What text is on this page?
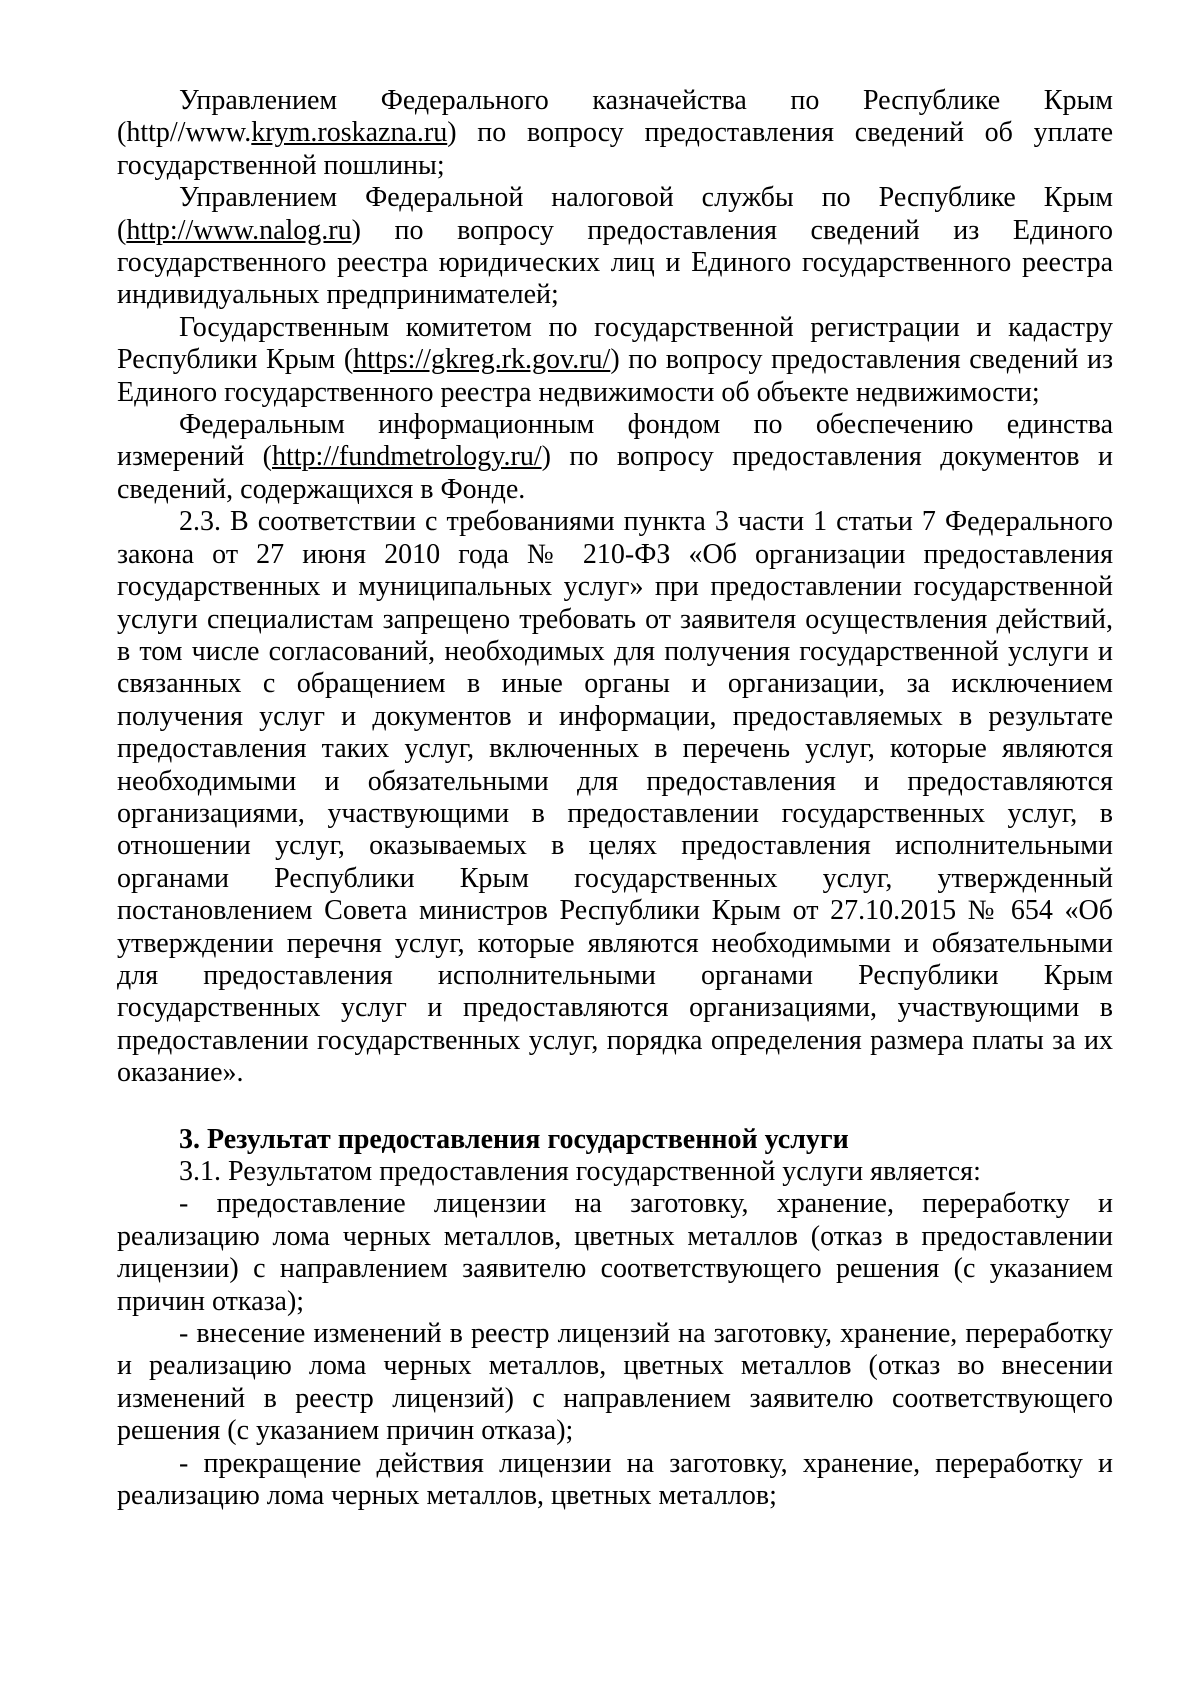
Управлением Федерального казначейства по Республике Крым (http//www.krym.roskazna.ru) по вопросу предоставления сведений об уплате государственной пошлины;

Управлением Федеральной налоговой службы по Республике Крым (http://www.nalog.ru) по вопросу предоставления сведений из Единого государственного реестра юридических лиц и Единого государственного реестра индивидуальных предпринимателей;

Государственным комитетом по государственной регистрации и кадастру Республики Крым (https://gkreg.rk.gov.ru/) по вопросу предоставления сведений из Единого государственного реестра недвижимости об объекте недвижимости;

Федеральным информационным фондом по обеспечению единства измерений (http://fundmetrology.ru/) по вопросу предоставления документов и сведений, содержащихся в Фонде.

2.3. В соответствии с требованиями пункта 3 части 1 статьи 7 Федерального закона от 27 июня 2010 года № 210-ФЗ «Об организации предоставления государственных и муниципальных услуг» при предоставлении государственной услуги специалистам запрещено требовать от заявителя осуществления действий, в том числе согласований, необходимых для получения государственной услуги и связанных с обращением в иные органы и организации, за исключением получения услуг и документов и информации, предоставляемых в результате предоставления таких услуг, включенных в перечень услуг, которые являются необходимыми и обязательными для предоставления и предоставляются организациями, участвующими в предоставлении государственных услуг, в отношении услуг, оказываемых в целях предоставления исполнительными органами Республики Крым государственных услуг, утвержденный постановлением Совета министров Республики Крым от 27.10.2015 № 654 «Об утверждении перечня услуг, которые являются необходимыми и обязательными для предоставления исполнительными органами Республики Крым государственных услуг и предоставляются организациями, участвующими в предоставлении государственных услуг, порядка определения размера платы за их оказание».

3. Результат предоставления государственной услуги

3.1. Результатом предоставления государственной услуги является:

- предоставление лицензии на заготовку, хранение, переработку и реализацию лома черных металлов, цветных металлов (отказ в предоставлении лицензии) с направлением заявителю соответствующего решения (с указанием причин отказа);

- внесение изменений в реестр лицензий на заготовку, хранение, переработку и реализацию лома черных металлов, цветных металлов (отказ во внесении изменений в реестр лицензий) с направлением заявителю соответствующего решения (с указанием причин отказа);

- прекращение действия лицензии на заготовку, хранение, переработку и реализацию лома черных металлов, цветных металлов;
